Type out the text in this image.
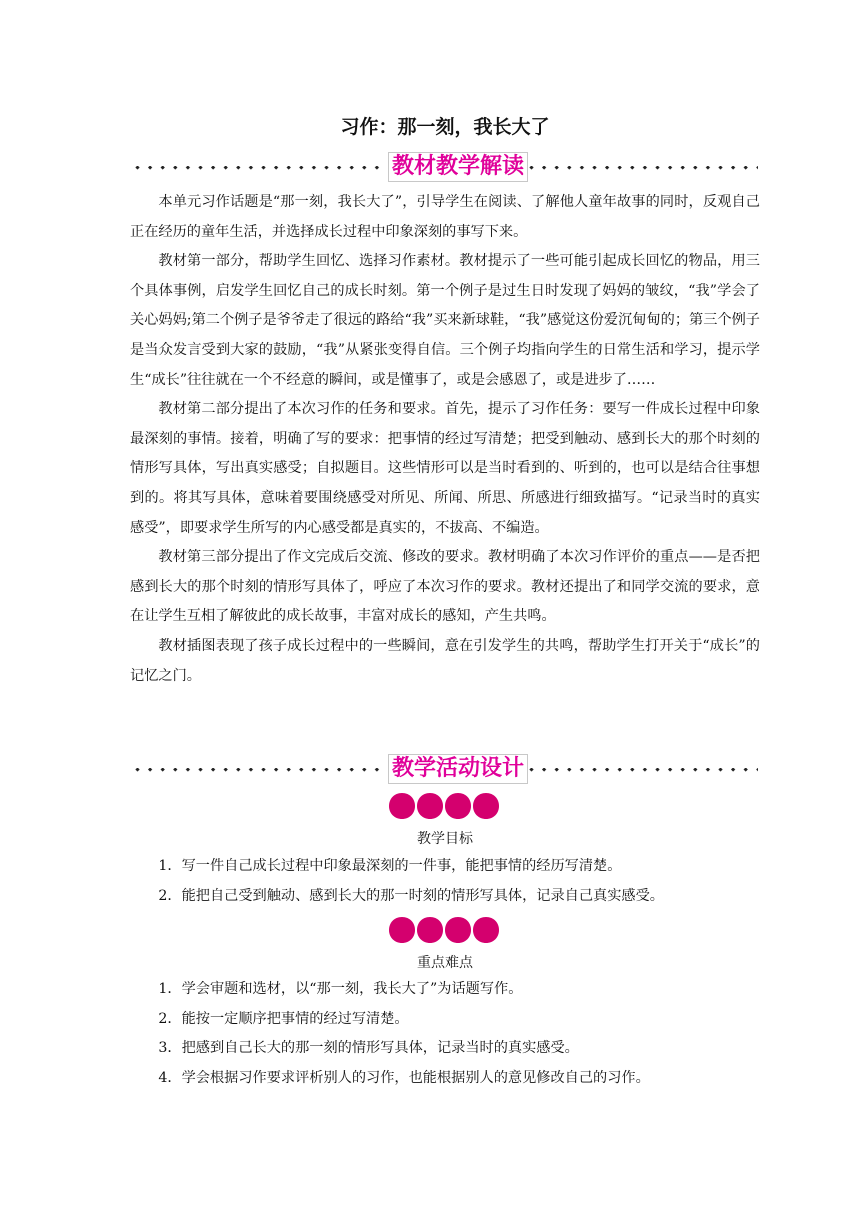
习作：那一刻，我长大了
教材教学解读

本单元习作话题是“那一刻，我长大了”，引导学生在阅读、了解他人童年故事的同时，反观自己正在经历的童年生活，并选择成长过程中印象深刻的事写下来。

教材第一部分，帮助学生回忆、选择习作素材。教材提示了一些可能引起成长回忆的物品，用三个具体事例，启发学生回忆自己的成长时刻。第一个例子是过生日时发现了妈妈的皱纹，“我”学会了关心妈妈;第二个例子是爷爷走了很远的路给“我”买来新球鞋，“我”感觉这份爱沉甸甸的；第三个例子是当众发言受到大家的鼓励，“我”从紧张变得自信。三个例子均指向学生的日常生活和学习，提示学生“成长”往往就在一个不经意的瞬间，或是懂事了，或是会感恩了，或是进步了……

教材第二部分提出了本次习作的任务和要求。首先，提示了习作任务：要写一件成长过程中印象最深刻的事情。接着，明确了写的要求：把事情的经过写清楚；把受到触动、感到长大的那个时刻的情形写具体，写出真实感受；自拟题目。这些情形可以是当时看到的、听到的，也可以是结合往事想到的。将其写具体，意味着要围绕感受对所见、所闻、所思、所感进行细致描写。“记录当时的真实感受”，即要求学生所写的内心感受都是真实的，不拔高、不编造。

教材第三部分提出了作文完成后交流、修改的要求。教材明确了本次习作评价的重点——是否把感到长大的那个时刻的情形写具体了，呼应了本次习作的要求。教材还提出了和同学交流的要求，意在让学生互相了解彼此的成长故事，丰富对成长的感知，产生共鸣。

教材插图表现了孩子成长过程中的一些瞬间，意在引发学生的共鸣，帮助学生打开关于“成长”的记忆之门。

教学活动设计
教学目标
1．写一件自己成长过程中印象最深刻的一件事，能把事情的经历写清楚。
2．能把自己受到触动、感到长大的那一时刻的情形写具体，记录自己真实感受。
重点难点
1．学会审题和选材，以“那一刻，我长大了”为话题写作。
2．能按一定顺序把事情的经过写清楚。
3．把感到自己长大的那一刻的情形写具体，记录当时的真实感受。
4．学会根据习作要求评析别人的习作，也能根据别人的意见修改自己的习作。
